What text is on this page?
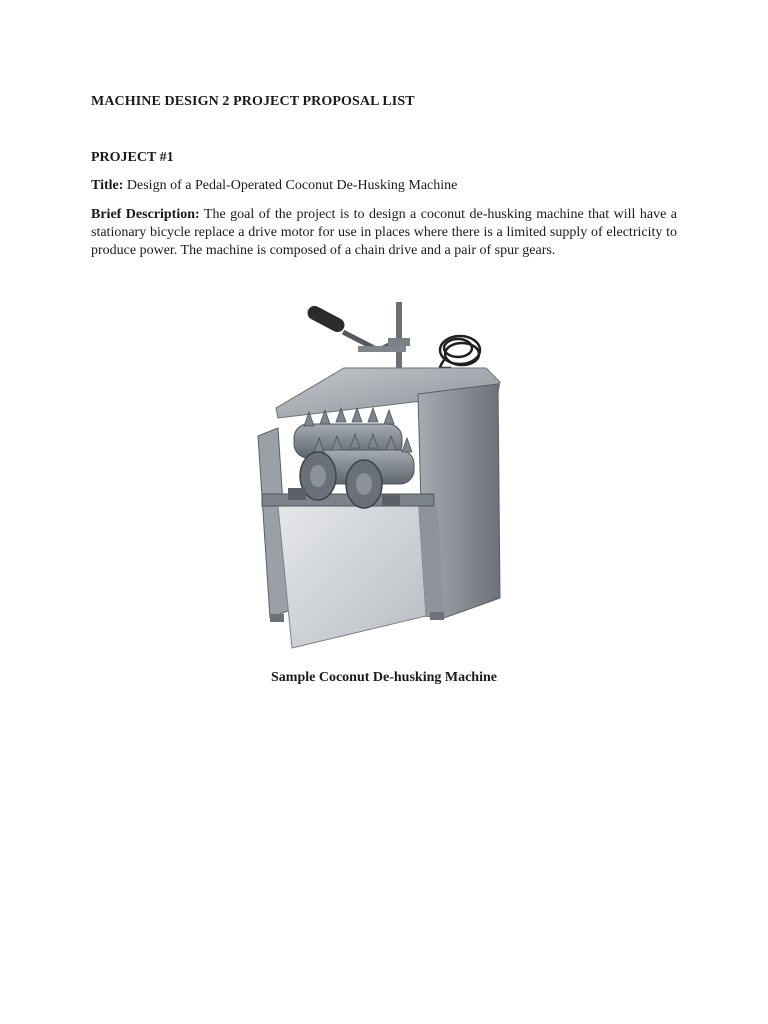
MACHINE DESIGN 2 PROJECT PROPOSAL LIST
PROJECT #1
Title: Design of a Pedal-Operated Coconut De-Husking Machine
Brief Description: The goal of the project is to design a coconut de-husking machine that will have a stationary bicycle replace a drive motor for use in places where there is a limited supply of electricity to produce power. The machine is composed of a chain drive and a pair of spur gears.
Sample Coconut De-husking Machine
